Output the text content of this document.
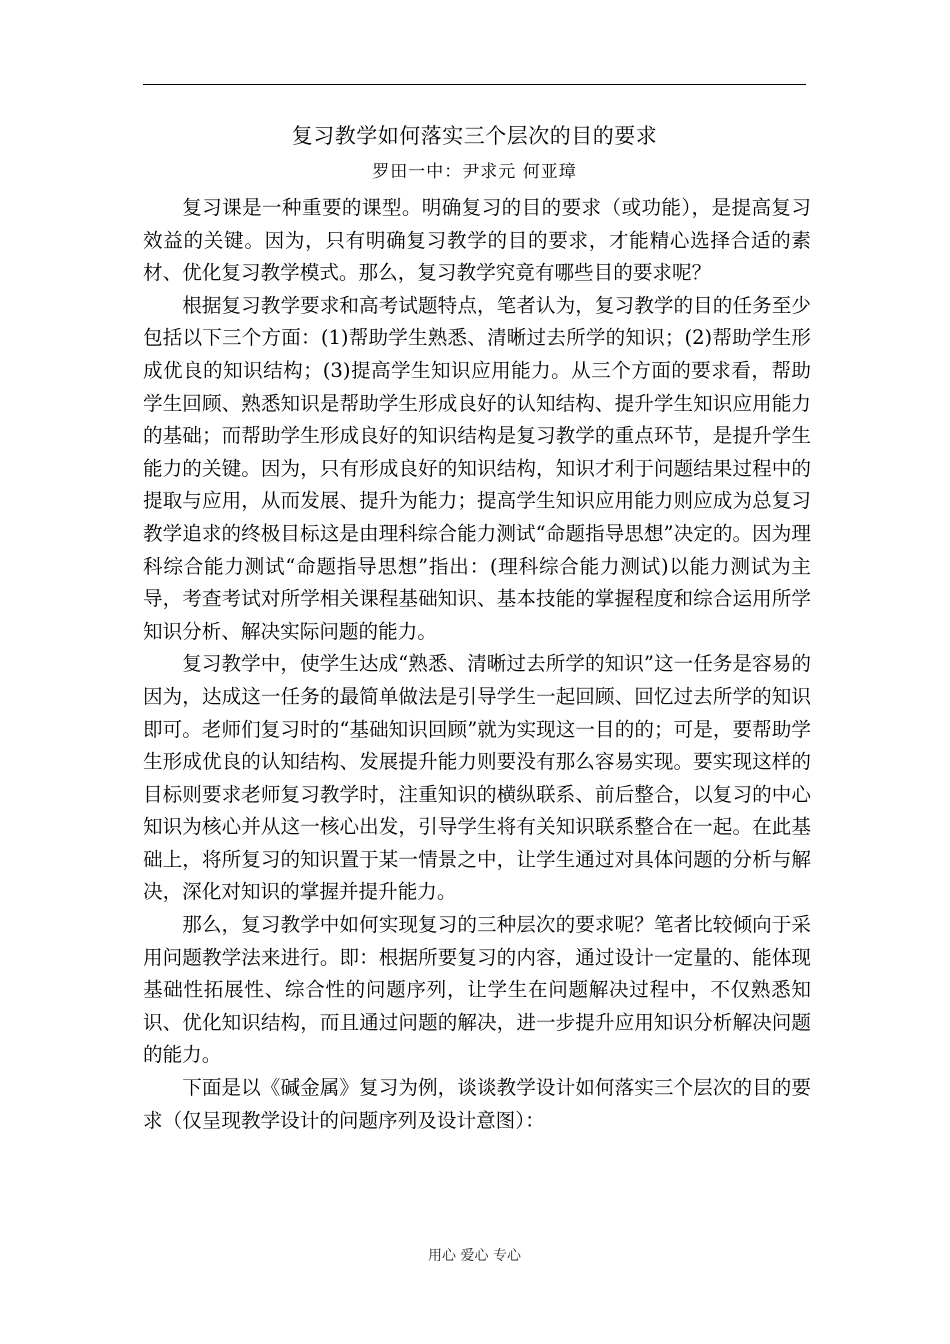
复习教学如何落实三个层次的目的要求
罗田一中：尹求元 何亚璋

复习课是一种重要的课型。明确复习的目的要求（或功能），是提高复习效益的关键。因为，只有明确复习教学的目的要求，才能精心选择合适的素材、优化复习教学模式。那么，复习教学究竟有哪些目的要求呢？

根据复习教学要求和高考试题特点，笔者认为，复习教学的目的任务至少包括以下三个方面：(1)帮助学生熟悉、清晰过去所学的知识；(2)帮助学生形成优良的知识结构；(3)提高学生知识应用能力。从三个方面的要求看，帮助学生回顾、熟悉知识是帮助学生形成良好的认知结构、提升学生知识应用能力的基础；而帮助学生形成良好的知识结构是复习教学的重点环节，是提升学生能力的关键。因为，只有形成良好的知识结构，知识才利于问题结果过程中的提取与应用，从而发展、提升为能力；提高学生知识应用能力则应成为总复习教学追求的终极目标这是由理科综合能力测试“命题指导思想”决定的。因为理科综合能力测试“命题指导思想”指出：(理科综合能力测试)以能力测试为主导，考查考试对所学相关课程基础知识、基本技能的掌握程度和综合运用所学知识分析、解决实际问题的能力。

复习教学中，使学生达成“熟悉、清晰过去所学的知识”这一任务是容易的因为，达成这一任务的最简单做法是引导学生一起回顾、回忆过去所学的知识即可。老师们复习时的“基础知识回顾”就为实现这一目的的；可是，要帮助学生形成优良的认知结构、发展提升能力则要没有那么容易实现。要实现这样的目标则要求老师复习教学时，注重知识的横纵联系、前后整合，以复习的中心知识为核心并从这一核心出发，引导学生将有关知识联系整合在一起。在此基础上，将所复习的知识置于某一情景之中，让学生通过对具体问题的分析与解决，深化对知识的掌握并提升能力。

那么，复习教学中如何实现复习的三种层次的要求呢？笔者比较倾向于采用问题教学法来进行。即：根据所要复习的内容，通过设计一定量的、能体现基础性拓展性、综合性的问题序列，让学生在问题解决过程中，不仅熟悉知识、优化知识结构，而且通过问题的解决，进一步提升应用知识分析解决问题的能力。

下面是以《碱金属》复习为例，谈谈教学设计如何落实三个层次的目的要求（仅呈现教学设计的问题序列及设计意图）：

用心 爱心 专心
